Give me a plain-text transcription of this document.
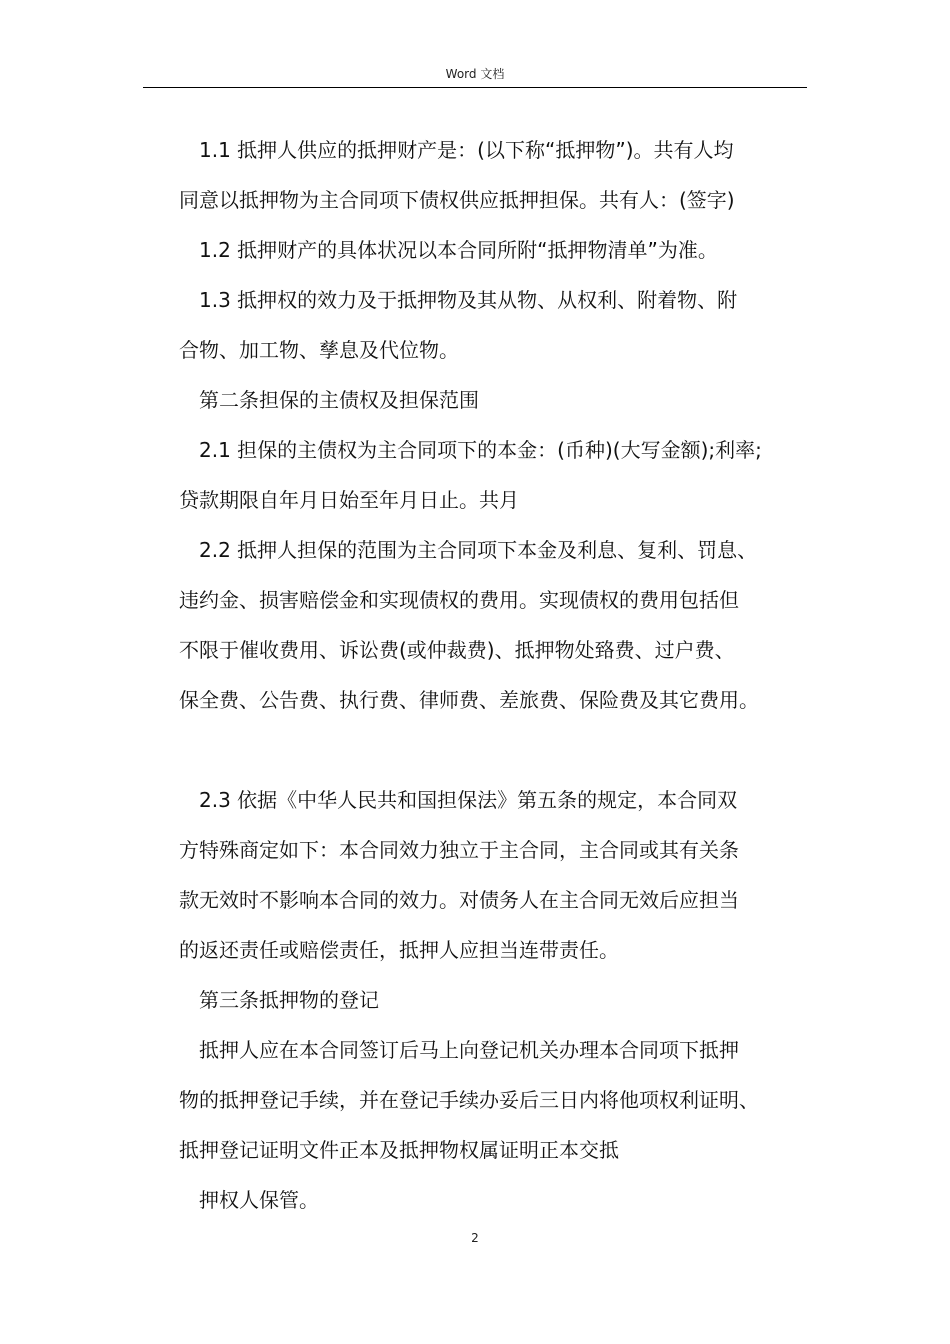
Word 文档
1.1 抵押人供应的抵押财产是：(以下称“抵押物”)。共有人均
同意以抵押物为主合同项下债权供应抵押担保。共有人：(签字)
1.2 抵押财产的具体状况以本合同所附“抵押物清单”为准。
1.3 抵押权的效力及于抵押物及其从物、从权利、附着物、附
合物、加工物、孳息及代位物。
第二条担保的主债权及担保范围
2.1 担保的主债权为主合同项下的本金：(币种)(大写金额);利率;
贷款期限自年月日始至年月日止。共月
2.2 抵押人担保的范围为主合同项下本金及利息、复利、罚息、
违约金、损害赔偿金和实现债权的费用。实现债权的费用包括但
不限于催收费用、诉讼费(或仲裁费)、抵押物处臵费、过户费、
保全费、公告费、执行费、律师费、差旅费、保险费及其它费用。
2.3 依据《中华人民共和国担保法》第五条的规定，本合同双
方特殊商定如下：本合同效力独立于主合同，主合同或其有关条
款无效时不影响本合同的效力。对债务人在主合同无效后应担当
的返还责任或赔偿责任，抵押人应担当连带责任。
第三条抵押物的登记
抵押人应在本合同签订后马上向登记机关办理本合同项下抵押
物的抵押登记手续，并在登记手续办妥后三日内将他项权利证明、
抵押登记证明文件正本及抵押物权属证明正本交抵
押权人保管。
2
